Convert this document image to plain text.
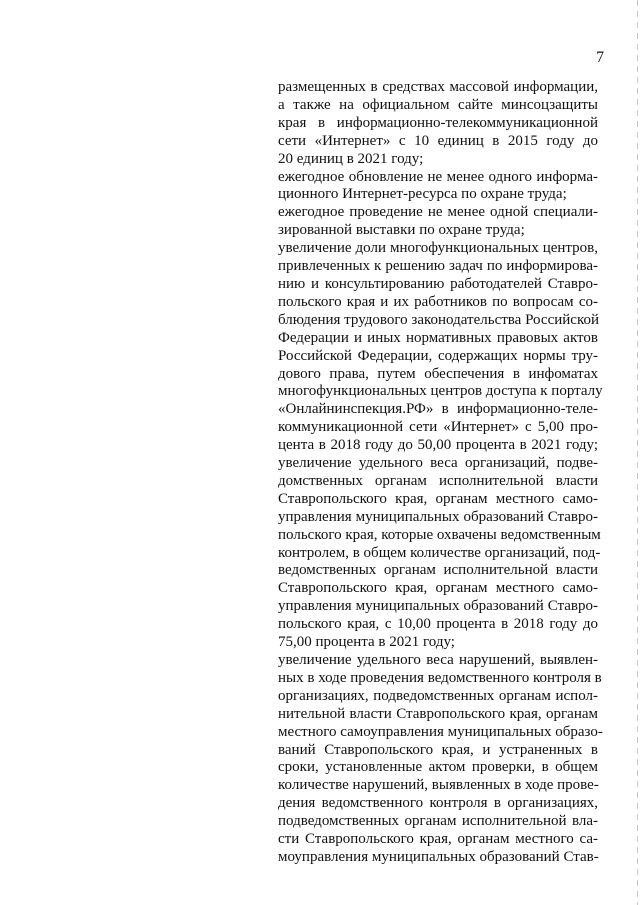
7
размещенных в средствах массовой информации,
а также на официальном сайте минсоцзащиты
края в информационно-телекоммуникационной
сети «Интернет» с 10 единиц в 2015 году до
20 единиц в 2021 году;
ежегодное обновление не менее одного информа-
ционного Интернет-ресурса по охране труда;
ежегодное проведение не менее одной специали-
зированной выставки по охране труда;
увеличение доли многофункциональных центров,
привлеченных к решению задач по информирова-
нию и консультированию работодателей Ставро-
польского края и их работников по вопросам со-
блюдения трудового законодательства Российской
Федерации и иных нормативных правовых актов
Российской Федерации, содержащих нормы тру-
дового права, путем обеспечения в инфоматах
многофункциональных центров доступа к порталу
«Онлайнинспекция.РФ» в информационно-теле-
коммуникационной сети «Интернет» с 5,00 про-
цента в 2018 году до 50,00 процента в 2021 году;
увеличение удельного веса организаций, подве-
домственных органам исполнительной власти
Ставропольского края, органам местного само-
управления муниципальных образований Ставро-
польского края, которые охвачены ведомственным
контролем, в общем количестве организаций, под-
ведомственных органам исполнительной власти
Ставропольского края, органам местного само-
управления муниципальных образований Ставро-
польского края, с 10,00 процента в 2018 году до
75,00 процента в 2021 году;
увеличение удельного веса нарушений, выявлен-
ных в ходе проведения ведомственного контроля в
организациях, подведомственных органам испол-
нительной власти Ставропольского края, органам
местного самоуправления муниципальных образо-
ваний Ставропольского края, и устраненных в
сроки, установленные актом проверки, в общем
количестве нарушений, выявленных в ходе прове-
дения ведомственного контроля в организациях,
подведомственных органам исполнительной вла-
сти Ставропольского края, органам местного са-
моуправления муниципальных образований Став-
